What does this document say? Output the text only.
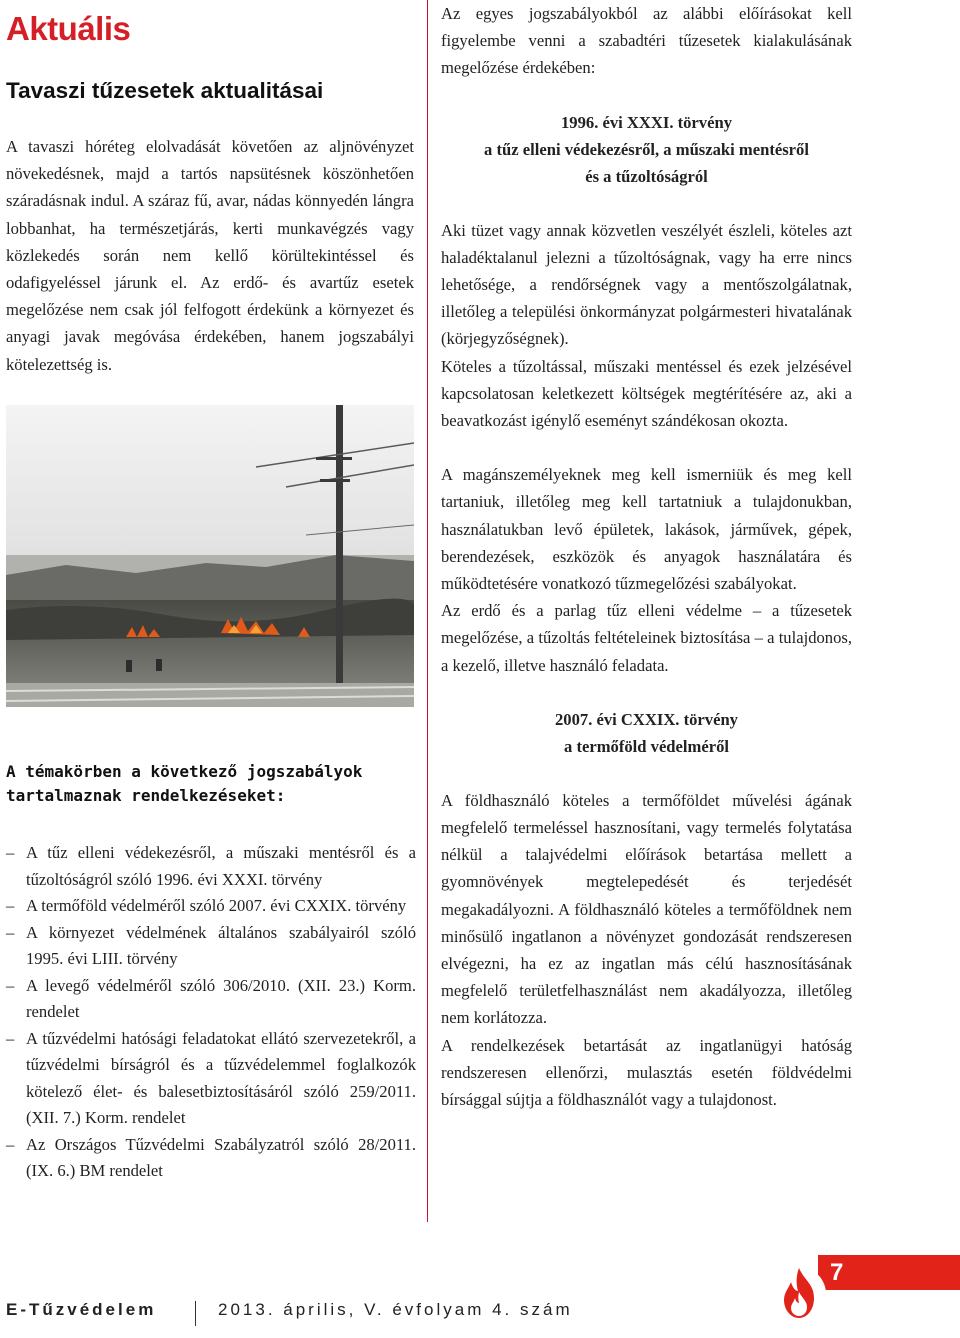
Aktuális
Tavaszi tűzesetek aktualitásai

A tavaszi hóréteg elolvadását követően az aljnövényzet növekedésnek, majd a tartós napsütésnek köszönhetően száradásnak indul. A száraz fű, avar, nádas könnyedén lángra lobbanhat, ha természetjárás, kerti munkavégzés vagy közlekedés során nem kellő körültekintéssel és odafigyeléssel járunk el. Az erdő- és avartűz esetek megelőzése nem csak jól felfogott érdekünk a környezet és anyagi javak megóvása érdekében, hanem jogszabályi kötelezettség is.

A témakörben a következő jogszabályok tartalmaznak rendelkezéseket:

– A tűz elleni védekezésről, a műszaki mentésről és a tűzoltóságról szóló 1996. évi XXXI. törvény
– A termőföld védelméről szóló 2007. évi CXXIX. törvény
– A környezet védelmének általános szabályairól szóló 1995. évi LIII. törvény
– A levegő védelméről szóló 306/2010. (XII. 23.) Korm. rendelet
– A tűzvédelmi hatósági feladatokat ellátó szervezetekről, a tűzvédelmi bírságról és a tűzvédelemmel foglalkozók kötelező élet- és balesetbiztosításáról szóló 259/2011. (XII. 7.) Korm. rendelet
– Az Országos Tűzvédelmi Szabályzatról szóló 28/2011. (IX. 6.) BM rendelet

Az egyes jogszabályokból az alábbi előírásokat kell figyelembe venni a szabadtéri tűzesetek kialakulásának megelőzése érdekében:

1996. évi XXXI. törvény

a tűz elleni védekezésről, a műszaki mentésről

és a tűzoltóságról

Aki tüzet vagy annak közvetlen veszélyét észleli, köteles azt haladéktalanul jelezni a tűzoltóságnak, vagy ha erre nincs lehetősége, a rendőrségnek vagy a mentőszolgálatnak, illetőleg a települési önkormányzat polgármesteri hivatalának (körjegyzőségnek).

Köteles a tűzoltással, műszaki mentéssel és ezek jelzésével kapcsolatosan keletkezett költségek megtérítésére az, aki a beavatkozást igénylő eseményt szándékosan okozta.

A magánszemélyeknek meg kell ismerniük és meg kell tartaniuk, illetőleg meg kell tartatniuk a tulajdonukban, használatukban levő épületek, lakások, járművek, gépek, berendezések, eszközök és anyagok használatára és működtetésére vonatkozó tűzmegelőzési szabályokat.

Az erdő és a parlag tűz elleni védelme – a tűzesetek megelőzése, a tűzoltás feltételeinek biztosítása – a tulajdonos, a kezelő, illetve használó feladata.

2007. évi CXXIX. törvény

a termőföld védelméről

A földhasználó köteles a termőföldet művelési ágának megfelelő termeléssel hasznosítani, vagy termelés folytatása nélkül a talajvédelmi előírások betartása mellett a gyomnövények megtelepedését és terjedését megakadályozni. A földhasználó köteles a termőföldnek nem minősülő ingatlanon a növényzet gondozását rendszeresen elvégezni, ha ez az ingatlan más célú hasznosításának megfelelő területfelhasználást nem akadályozza, illetőleg nem korlátozza.

A rendelkezések betartását az ingatlanügyi hatóság rendszeresen ellenőrzi, mulasztás esetén földvédelmi bírsággal sújtja a földhasználót vagy a tulajdonost.

7

E-Tűzvédelem	2013. április, V. évfolyam 4. szám
